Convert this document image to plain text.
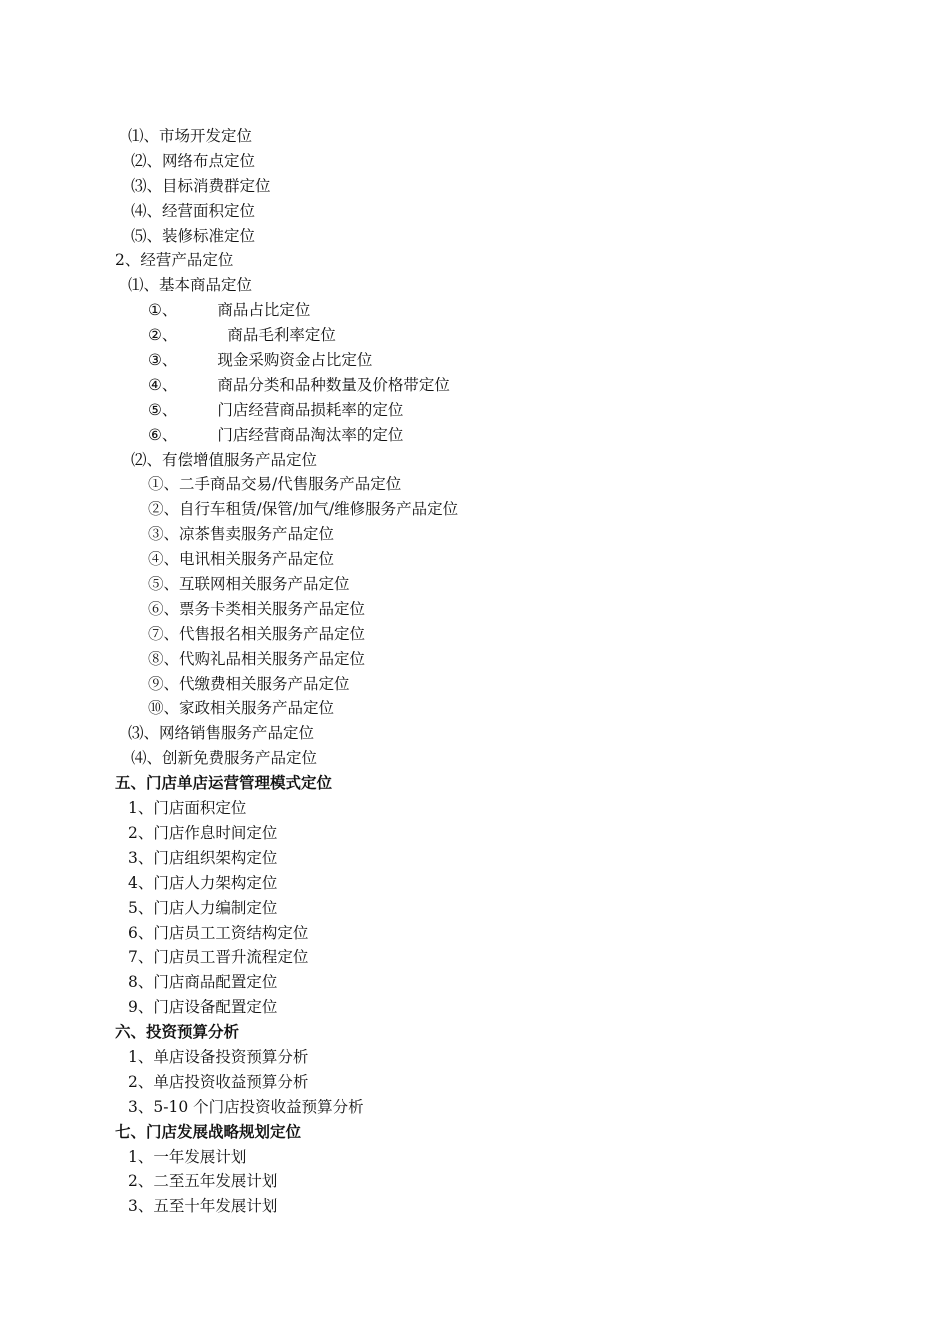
⑴、市场开发定位
⑵、网络布点定位
⑶、目标消费群定位
⑷、经营面积定位
⑸、装修标准定位
2、经营产品定位
⑴、基本商品定位
①、	商品占比定位
②、	商品毛利率定位
③、	现金采购资金占比定位
④、	商品分类和品种数量及价格带定位
⑤、	门店经营商品损耗率的定位
⑥、	门店经营商品淘汰率的定位
⑵、有偿增值服务产品定位
①、二手商品交易/代售服务产品定位
②、自行车租赁/保管/加气/维修服务产品定位
③、凉茶售卖服务产品定位
④、电讯相关服务产品定位
⑤、互联网相关服务产品定位
⑥、票务卡类相关服务产品定位
⑦、代售报名相关服务产品定位
⑧、代购礼品相关服务产品定位
⑨、代缴费相关服务产品定位
⑩、家政相关服务产品定位
⑶、网络销售服务产品定位
⑷、创新免费服务产品定位
五、门店单店运营管理模式定位
1、门店面积定位
2、门店作息时间定位
3、门店组织架构定位
4、门店人力架构定位
5、门店人力编制定位
6、门店员工工资结构定位
7、门店员工晋升流程定位
8、门店商品配置定位
9、门店设备配置定位
六、投资预算分析
1、单店设备投资预算分析
2、单店投资收益预算分析
3、5-10 个门店投资收益预算分析
七、门店发展战略规划定位
1、一年发展计划
2、二至五年发展计划
3、五至十年发展计划
